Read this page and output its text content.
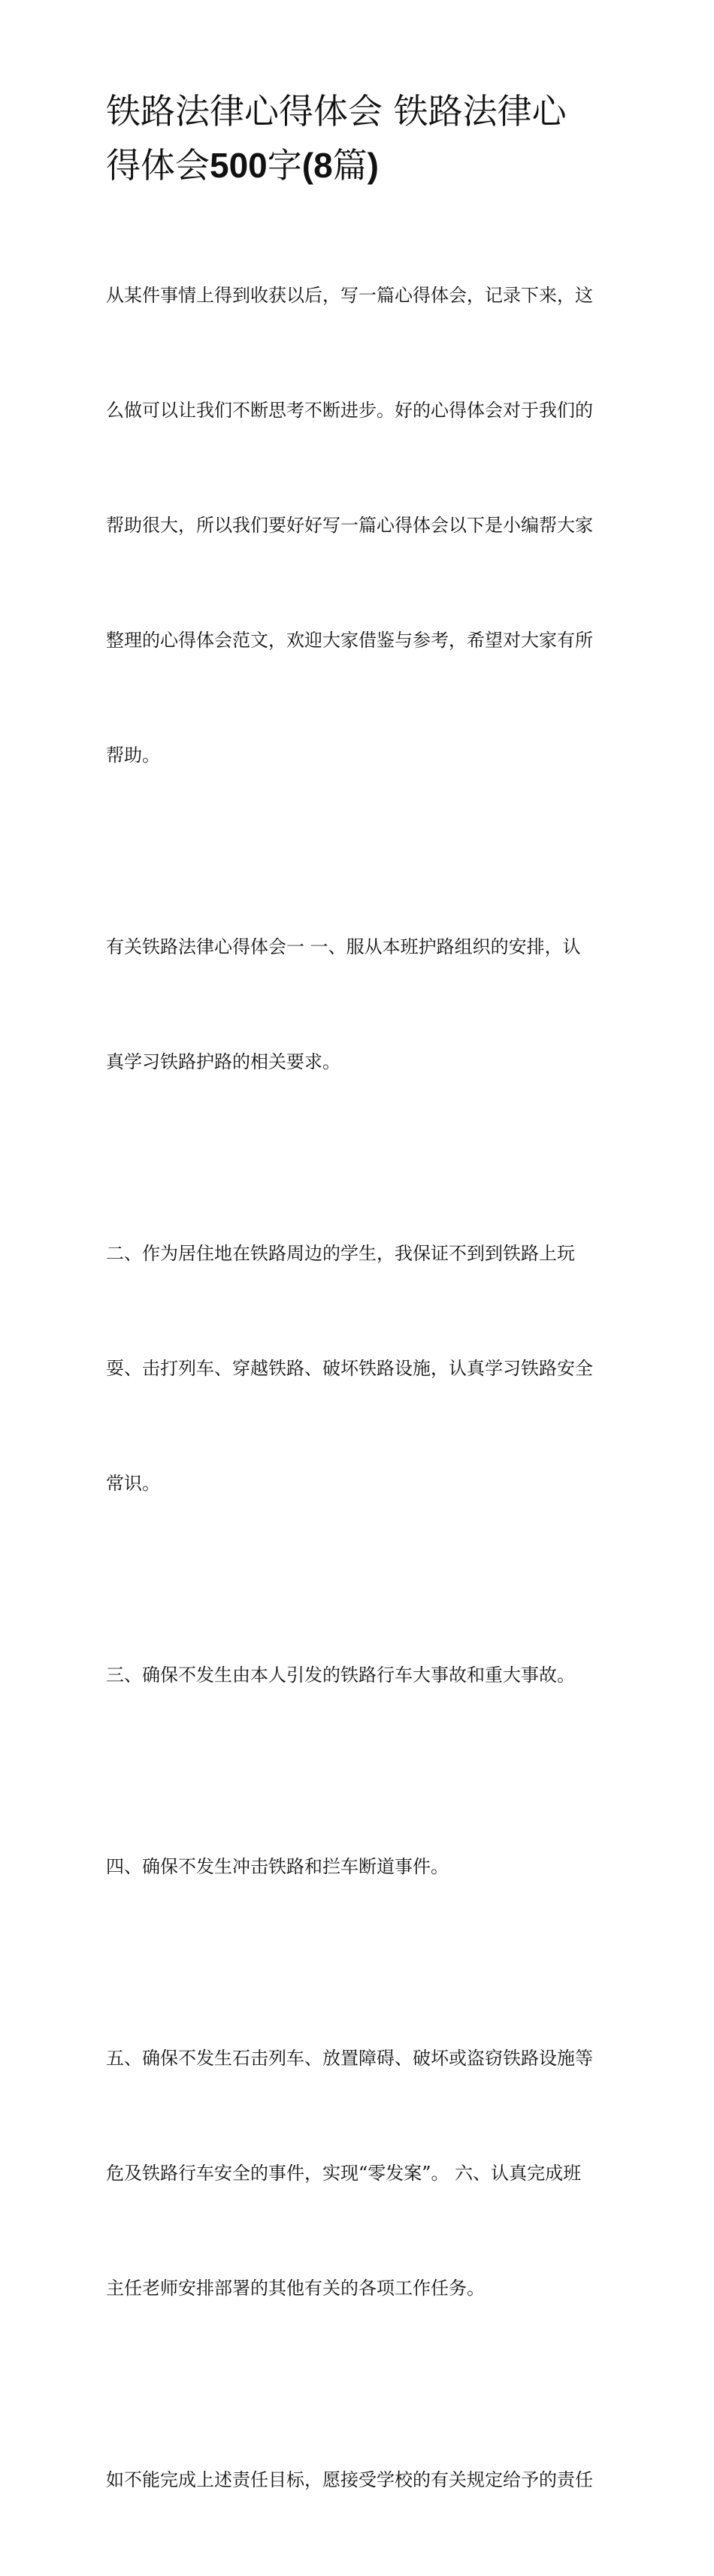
铁路法律心得体会 铁路法律心
得体会500字(8篇)

从某件事情上得到收获以后，写一篇心得体会，记录下来，这

么做可以让我们不断思考不断进步。好的心得体会对于我们的

帮助很大，所以我们要好好写一篇心得体会以下是小编帮大家

整理的心得体会范文，欢迎大家借鉴与参考，希望对大家有所

帮助。

有关铁路法律心得体会一 一、服从本班护路组织的安排，认

真学习铁路护路的相关要求。

二、作为居住地在铁路周边的学生，我保证不到到铁路上玩

耍、击打列车、穿越铁路、破坏铁路设施，认真学习铁路安全

常识。

三、确保不发生由本人引发的铁路行车大事故和重大事故。

四、确保不发生冲击铁路和拦车断道事件。

五、确保不发生石击列车、放置障碍、破坏或盗窃铁路设施等

危及铁路行车安全的事件，实现“零发案”。 六、认真完成班

主任老师安排部署的其他有关的各项工作任务。

如不能完成上述责任目标，愿接受学校的有关规定给予的责任
